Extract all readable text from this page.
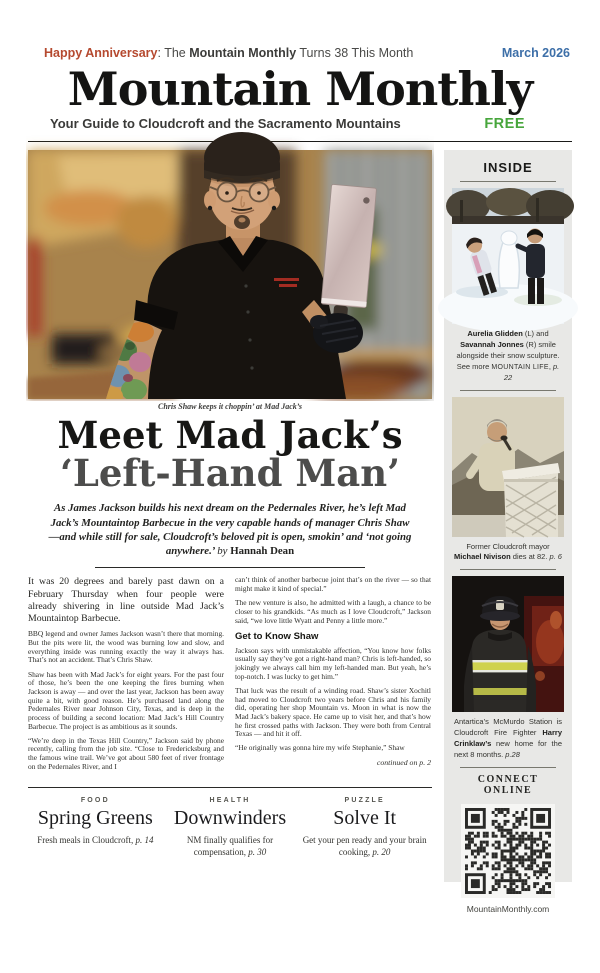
Happy Anniversary: The Mountain Monthly Turns 38 This Month	March 2026
Mountain Monthly
Your Guide to Cloudcroft and the Sacramento Mountains	FREE
Chris Shaw keeps it choppin’ at Mad Jack’s
Meet Mad Jack’s
‘Left-Hand Man’

As James Jackson builds his next dream on the Pedernales River, he’s left Mad Jack’s Mountaintop Barbecue in the very capable hands of manager Chris Shaw —and while still for sale, Cloudcroft’s beloved pit is open, smokin’ and ‘not going anywhere.’ by Hannah Dean

It was 20 degrees and barely past dawn on a February Thursday when four people were already shivering in line outside Mad Jack’s Mountaintop Barbecue.

BBQ legend and owner James Jackson wasn’t there that morning. But the pits were lit, the wood was burning low and slow, and everything inside was running exactly the way it always has. That’s not an accident. That’s Chris Shaw.

Shaw has been with Mad Jack’s for eight years. For the past four of those, he’s been the one keeping the fires burning when Jackson is away — and over the last year, Jackson has been away quite a bit, with good reason. He’s purchased land along the Pedernales River near Johnson City, Texas, and is deep in the process of building a second location: Mad Jack’s Hill Country Barbecue. The project is as ambitious as it sounds.

“We’re deep in the Texas Hill Country,” Jackson said by phone recently, calling from the job site. “Close to Fredericksburg and the famous wine trail. We’ve got about 580 feet of river frontage on the Pedernales River, and I

can’t think of another barbecue joint that’s on the river — so that might make it kind of special.”

The new venture is also, he admitted with a laugh, a chance to be closer to his grandkids. “As much as I love Cloudcroft,” Jackson said, “we love little Wyatt and Penny a little more.”

Get to Know Shaw

Jackson says with unmistakable affection, “You know how folks usually say they’ve got a right-hand man? Chris is left-handed, so jokingly we always call him my left-handed man. But yeah, he’s top-notch. I was lucky to get him.”

That luck was the result of a winding road. Shaw’s sister Xochitl had moved to Cloudcroft two years before Chris and his family did, operating her shop Mountain vs. Moon in what is now the Mad Jack’s bakery space. He came up to visit her, and that’s how he first crossed paths with Jackson. They were both from Central Texas — and hit it off.

“He originally was gonna hire my wife Stephanie,” Shaw

continued on p. 2
FOOD
Spring Greens
Fresh meals in Cloudcroft, p. 14
HEALTH
Downwinders
NM finally qualifies for compensation, p. 30
PUZZLE
Solve It
Get your pen ready and your brain cooking, p. 20
INSIDE
Aurelia Glidden (L) and Savannah Jonnes (R) smile alongside their snow sculpture. See more MOUNTAIN LIFE, p. 22
Former Cloudcroft mayor Michael Nivison dies at 82. p. 6
Antartica’s McMurdo Station is Cloudcroft Fire Fighter Harry Crinklaw’s new home for the next 8 months. p.28
CONNECT ONLINE
MountainMonthly.com
